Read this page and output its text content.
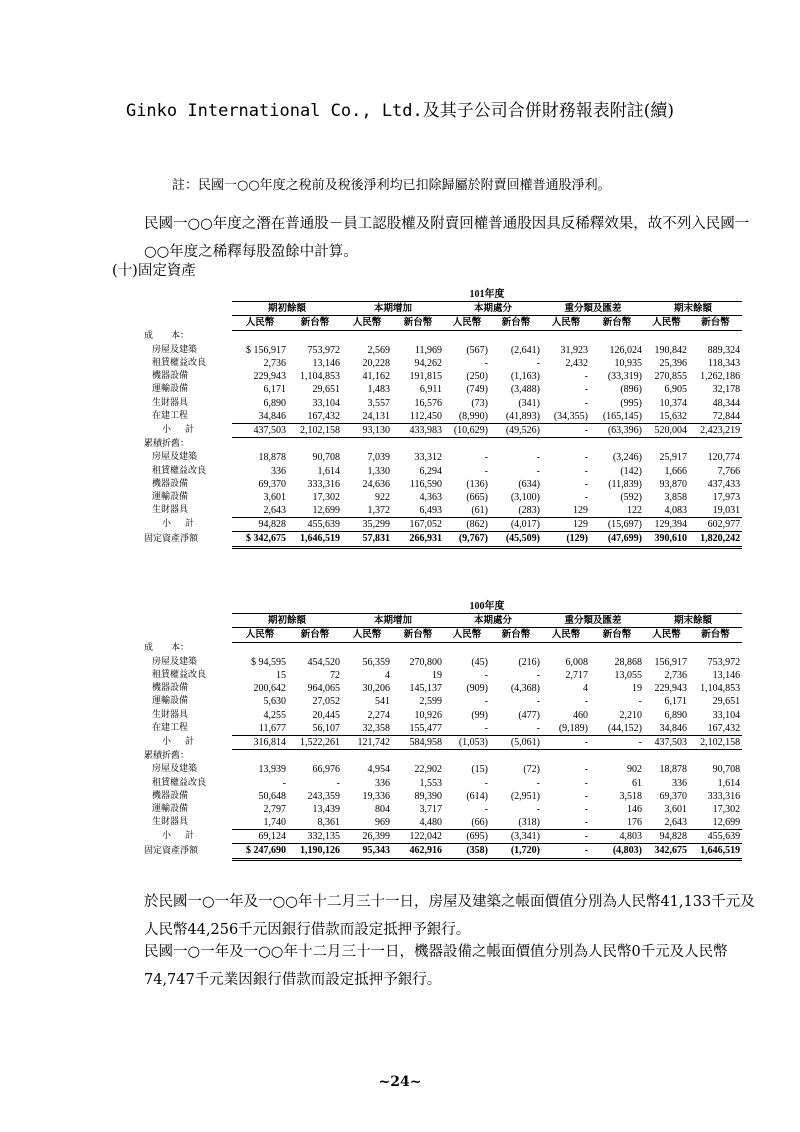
Ginko International Co., Ltd.及其子公司合併財務報表附註(續)
註：民國一○○年度之稅前及稅後淨利均已扣除歸屬於附賣回權普通股淨利。
民國一○○年度之潛在普通股－員工認股權及附賣回權普通股因具反稀釋效果，故不列入民國一○○年度之稀釋每股盈餘中計算。
(十)固定資產
	101年度									
	期初餘額		本期增加		本期處分		重分類及匯差		期末餘額	
	人民幣	新台幣	人民幣	新台幣	人民幣	新台幣	人民幣	新台幣	人民幣	新台幣
成　　本：										
房屋及建築	$ 156,917	753,972	2,569	11,969	(567)	(2,641)	31,923	126,024	190,842	889,324
租賃權益改良	2,736	13,146	20,228	94,262	-	-	2,432	10,935	25,396	118,343
機器設備	229,943	1,104,853	41,162	191,815	(250)	(1,163)	-	(33,319)	270,855	1,262,186
運輸設備	6,171	29,651	1,483	6,911	(749)	(3,488)	-	(896)	6,905	32,178
生財器具	6,890	33,104	3,557	16,576	(73)	(341)	-	(995)	10,374	48,344
在建工程	34,846	167,432	24,131	112,450	(8,990)	(41,893)	(34,355)	(165,145)	15,632	72,844
小計	437,503	2,102,158	93,130	433,983	(10,629)	(49,526)	-	(63,396)	520,004	2,423,219
累積折舊：										
房屋及建築	18,878	90,708	7,039	33,312	-	-	-	(3,246)	25,917	120,774
租賃權益改良	336	1,614	1,330	6,294	-	-	-	(142)	1,666	7,766
機器設備	69,370	333,316	24,636	116,590	(136)	(634)	-	(11,839)	93,870	437,433
運輸設備	3,601	17,302	922	4,363	(665)	(3,100)	-	(592)	3,858	17,973
生財器具	2,643	12,699	1,372	6,493	(61)	(283)	129	122	4,083	19,031
小計	94,828	455,639	35,299	167,052	(862)	(4,017)	129	(15,697)	129,394	602,977
固定資產淨額	$ 342,675	1,646,519	57,831	266,931	(9,767)	(45,509)	(129)	(47,699)	390,610	1,820,242
	100年度									
	期初餘額		本期增加		本期處分		重分類及匯差		期末餘額	
	人民幣	新台幣	人民幣	新台幣	人民幣	新台幣	人民幣	新台幣	人民幣	新台幣
成　　本：										
房屋及建築	$ 94,595	454,520	56,359	270,800	(45)	(216)	6,008	28,868	156,917	753,972
租賃權益改良	15	72	4	19	-	-	2,717	13,055	2,736	13,146
機器設備	200,642	964,065	30,206	145,137	(909)	(4,368)	4	19	229,943	1,104,853
運輸設備	5,630	27,052	541	2,599	-	-	-	-	6,171	29,651
生財器具	4,255	20,445	2,274	10,926	(99)	(477)	460	2,210	6,890	33,104
在建工程	11,677	56,107	32,358	155,477	-	-	(9,189)	(44,152)	34,846	167,432
小計	316,814	1,522,261	121,742	584,958	(1,053)	(5,061)	-	-	437,503	2,102,158
累積折舊：										
房屋及建築	13,939	66,976	4,954	22,902	(15)	(72)	-	902	18,878	90,708
租賃權益改良	-	-	336	1,553	-	-	-	61	336	1,614
機器設備	50,648	243,359	19,336	89,390	(614)	(2,951)	-	3,518	69,370	333,316
運輸設備	2,797	13,439	804	3,717	-	-	-	146	3,601	17,302
生財器具	1,740	8,361	969	4,480	(66)	(318)	-	176	2,643	12,699
小計	69,124	332,135	26,399	122,042	(695)	(3,341)	-	4,803	94,828	455,639
固定資產淨額	$ 247,690	1,190,126	95,343	462,916	(358)	(1,720)	-	(4,803)	342,675	1,646,519
於民國一○一年及一○○年十二月三十一日，房屋及建築之帳面價值分別為人民幣41,133千元及人民幣44,256千元因銀行借款而設定抵押予銀行。
民國一○一年及一○○年十二月三十一日，機器設備之帳面價值分別為人民幣0千元及人民幣74,747千元業因銀行借款而設定抵押予銀行。
~24~
